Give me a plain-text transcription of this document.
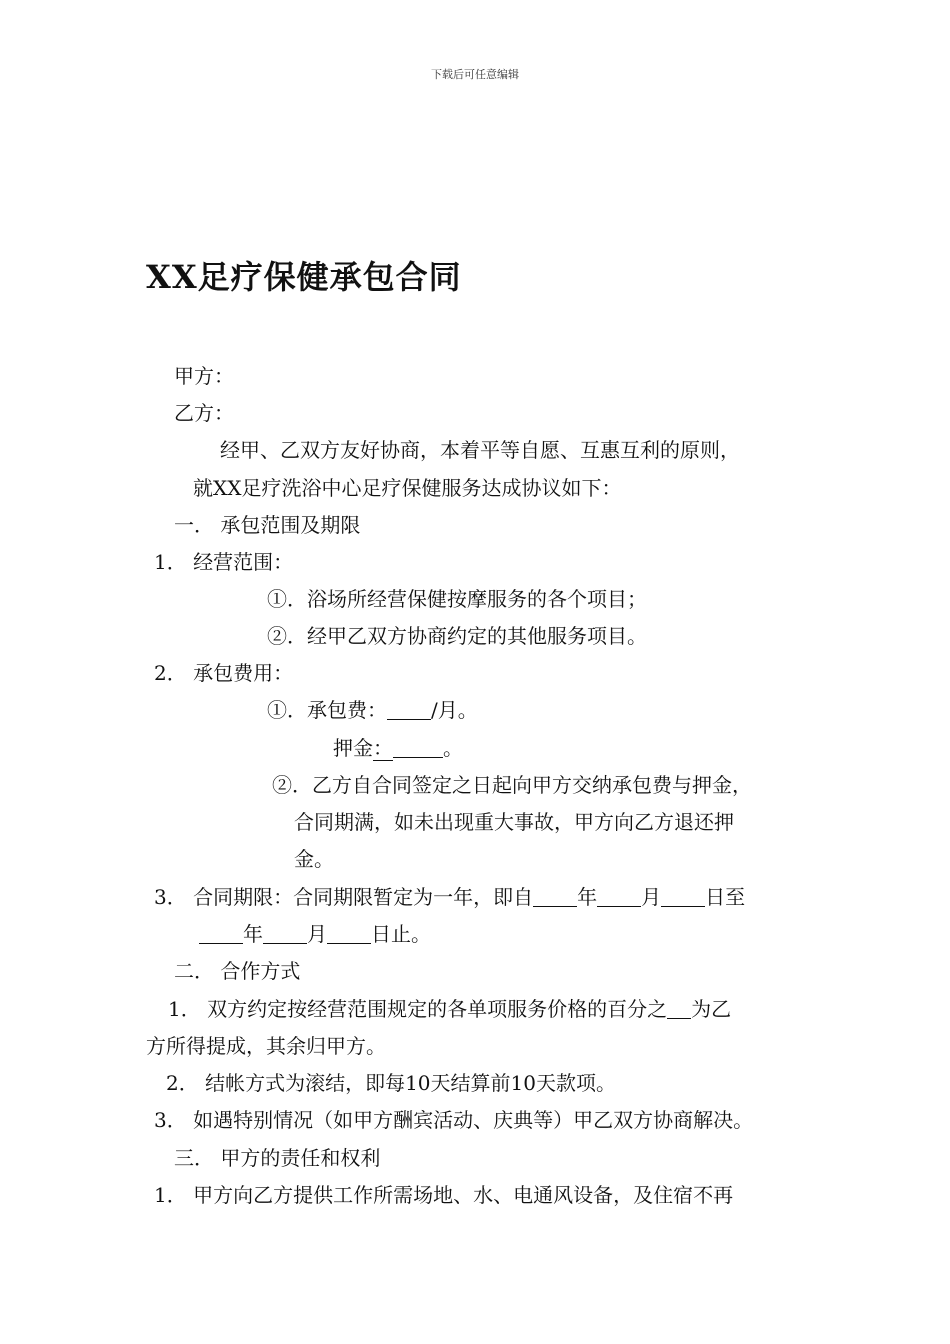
下载后可任意编辑
XX足疗保健承包合同
甲方：
乙方：
经甲、乙双方友好协商，本着平等自愿、互惠互利的原则，
就XX足疗洗浴中心足疗保健服务达成协议如下：
一． 承包范围及期限
1． 经营范围：
①．浴场所经营保健按摩服务的各个项目；
②．经甲乙双方协商约定的其他服务项目。
2． 承包费用：
①．承包费： /月。
押金：	。
②．乙方自合同签定之日起向甲方交纳承包费与押金，
合同期满，如未出现重大事故，甲方向乙方退还押
金。
3． 合同期限：合同期限暂定为一年，即自 年 月 日至
年 月 日止。
二． 合作方式
1． 双方约定按经营范围规定的各单项服务价格的百分之 为乙
方所得提成，其余归甲方。
2． 结帐方式为滚结，即每10天结算前10天款项。
3． 如遇特别情况（如甲方酬宾活动、庆典等）甲乙双方协商解决。
三． 甲方的责任和权利
1． 甲方向乙方提供工作所需场地、水、电通风设备，及住宿不再
